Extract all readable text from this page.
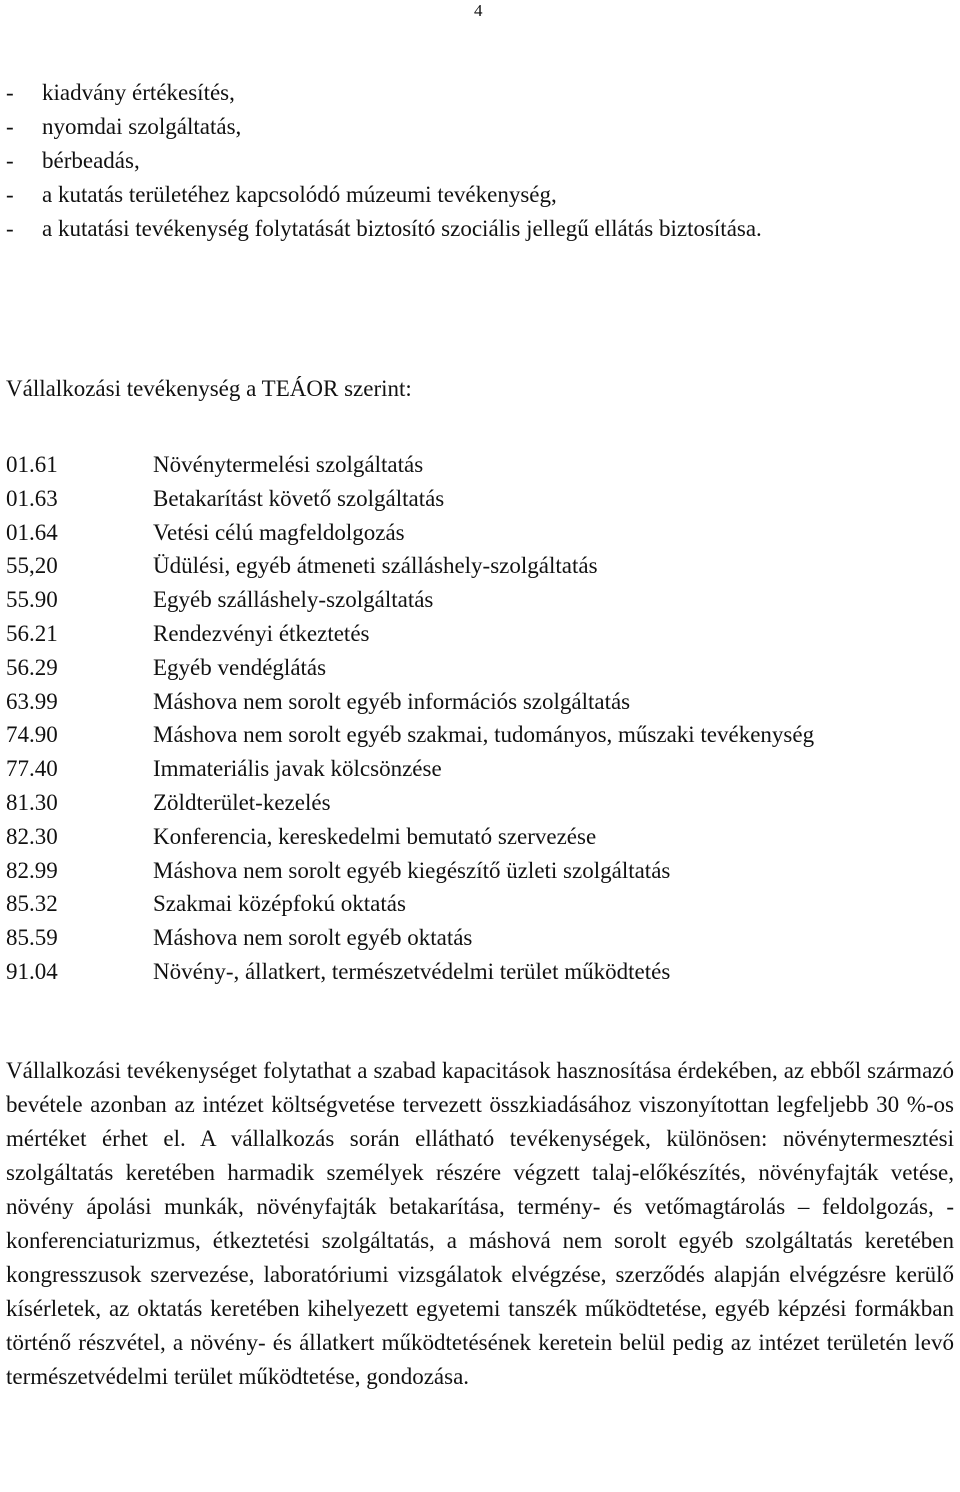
4
-	kiadvány értékesítés,
-	nyomdai szolgáltatás,
-	bérbeadás,
-	a kutatás területéhez kapcsolódó múzeumi tevékenység,
-	a kutatási tevékenység folytatását biztosító szociális jellegű ellátás biztosítása.
Vállalkozási tevékenység a TEÁOR szerint:
01.61	Növénytermelési szolgáltatás
01.63	Betakarítást követő szolgáltatás
01.64	Vetési célú magfeldolgozás
55,20	Üdülési, egyéb átmeneti szálláshely-szolgáltatás
55.90	Egyéb szálláshely-szolgáltatás
56.21	Rendezvényi étkeztetés
56.29	Egyéb vendéglátás
63.99	Máshova nem sorolt egyéb információs szolgáltatás
74.90	Máshova nem sorolt egyéb szakmai, tudományos, műszaki tevékenység
77.40	Immateriális javak kölcsönzése
81.30	Zöldterület-kezelés
82.30	Konferencia, kereskedelmi bemutató szervezése
82.99	Máshova nem sorolt egyéb kiegészítő üzleti szolgáltatás
85.32	Szakmai középfokú oktatás
85.59	Máshova nem sorolt egyéb oktatás
91.04	Növény-, állatkert, természetvédelmi terület működtetés

Vállalkozási tevékenységet folytathat a szabad kapacitások hasznosítása érdekében, az ebből származó bevétele azonban az intézet költségvetése tervezett összkiadásához viszonyítottan legfeljebb 30 %-os mértéket érhet el. A vállalkozás során ellátható tevékenységek, különösen: növénytermesztési szolgáltatás keretében harmadik személyek részére végzett talaj-előkészítés, növényfajták vetése, növény ápolási munkák, növényfajták betakarítása, termény- és vetőmagtárolás – feldolgozás, - konferenciaturizmus, étkeztetési szolgáltatás, a máshová nem sorolt egyéb szolgáltatás keretében kongresszusok szervezése, laboratóriumi vizsgálatok elvégzése, szerződés alapján elvégzésre kerülő kísérletek, az oktatás keretében kihelyezett egyetemi tanszék működtetése, egyéb képzési formákban történő részvétel, a növény- és állatkert működtetésének keretein belül pedig az intézet területén levő természetvédelmi terület működtetése, gondozása.
